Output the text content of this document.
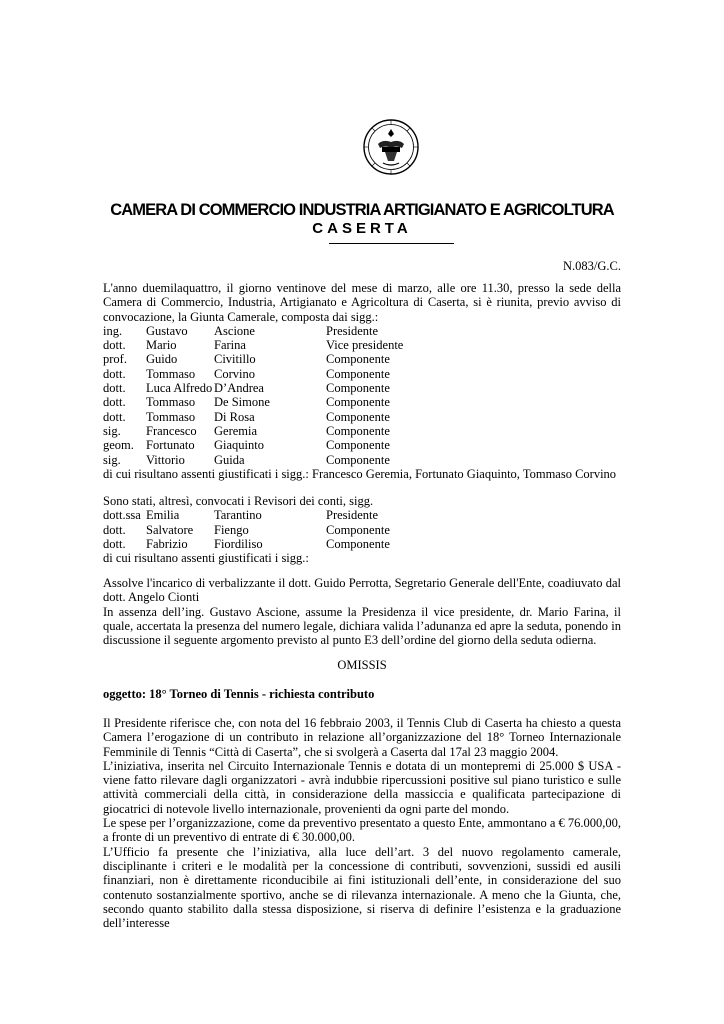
CAMERA DI COMMERCIO INDUSTRIA ARTIGIANATO E AGRICOLTURA
CASERTA
N.083/G.C.

L'anno duemilaquattro, il giorno ventinove del mese di marzo, alle ore 11.30, presso la sede della Camera di Commercio, Industria, Artigianato e Agricoltura di Caserta, si è riunita, previo avviso di convocazione, la Giunta Camerale, composta dai sigg.:

ing.	Gustavo	Ascione	Presidente
dott.	Mario	Farina	Vice presidente
prof.	Guido	Civitillo	Componente
dott.	Tommaso	Corvino	Componente
dott.	Luca Alfredo D’Andrea	Componente
dott.	Tommaso	De Simone	Componente
dott.	Tommaso	Di Rosa	Componente
sig.	Francesco	Geremia	Componente
geom. Fortunato	Giaquinto	Componente
sig.	Vittorio	Guida	Componente

di cui risultano assenti giustificati i sigg.: Francesco Geremia, Fortunato Giaquinto, Tommaso Corvino

Sono stati, altresì, convocati i Revisori dei conti, sigg.

dott.ssa Emilia	Tarantino	Presidente
dott.	Salvatore	Fiengo	Componente
dott.	Fabrizio	Fiordiliso	Componente

di cui risultano assenti giustificati i sigg.:

Assolve l'incarico di verbalizzante il dott. Guido Perrotta, Segretario Generale dell'Ente, coadiuvato dal dott. Angelo Cionti

In assenza dell’ing. Gustavo Ascione, assume la Presidenza il vice presidente, dr. Mario Farina, il quale, accertata la presenza del numero legale, dichiara valida l’adunanza ed apre la seduta, ponendo in discussione il seguente argomento previsto al punto E3 dell’ordine del giorno della seduta odierna.

OMISSIS
oggetto: 18° Torneo di Tennis - richiesta contributo

Il Presidente riferisce che, con nota del 16 febbraio 2003, il Tennis Club di Caserta ha chiesto a questa Camera l’erogazione di un contributo in relazione all’organizzazione del 18° Torneo Internazionale Femminile di Tennis “Città di Caserta”, che si svolgerà a Caserta dal 17al 23 maggio 2004.

L’iniziativa, inserita nel Circuito Internazionale Tennis e dotata di un montepremi di 25.000 $ USA - viene fatto rilevare dagli organizzatori - avrà indubbie ripercussioni positive sul piano turistico e sulle attività commerciali della città, in considerazione della massiccia e qualificata partecipazione di giocatrici di notevole livello internazionale, provenienti da ogni parte del mondo.

Le spese per l’organizzazione, come da preventivo presentato a questo Ente, ammontano a € 76.000,00, a fronte di un preventivo di entrate di € 30.000,00.

L’Ufficio fa presente che l’iniziativa, alla luce dell’art. 3 del nuovo regolamento camerale, disciplinante i criteri e le modalità per la concessione di contributi, sovvenzioni, sussidi ed ausili finanziari, non è direttamente riconducibile ai fini istituzionali dell’ente, in considerazione del suo contenuto sostanzialmente sportivo, anche se di rilevanza internazionale. A meno che la Giunta, che, secondo quanto stabilito dalla stessa disposizione, si riserva di definire l’esistenza e la graduazione dell’interesse
